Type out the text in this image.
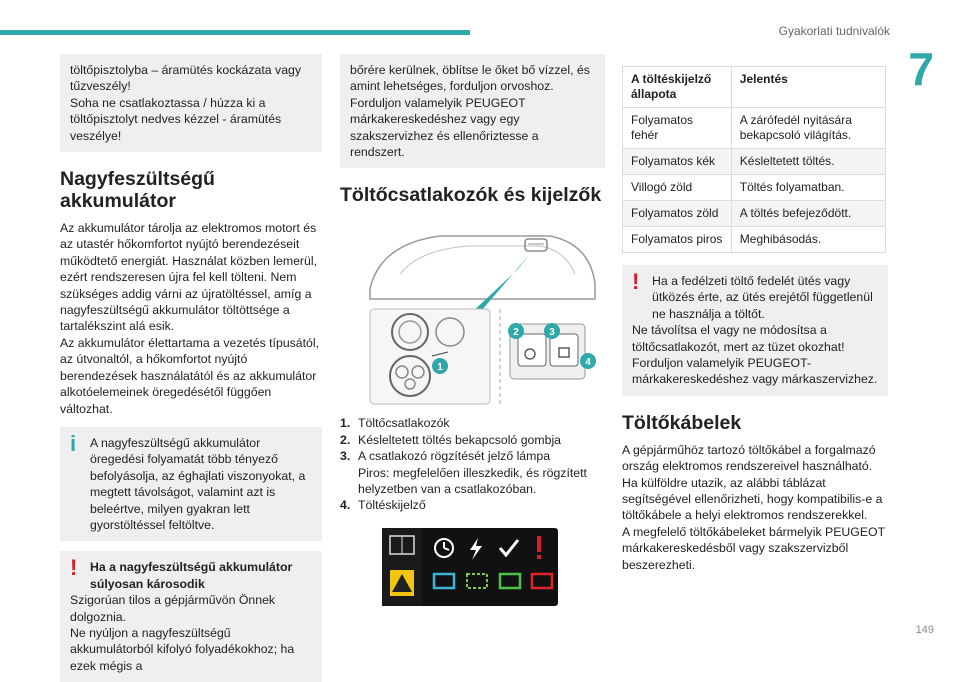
Gyakorlati tudnivalók
7

töltőpisztolyba – áramütés kockázata vagy tűzveszély!

Soha ne csatlakoztassa / húzza ki a töltőpisztolyt nedves kézzel - áramütés veszélye!

Nagyfeszültségű akkumulátor

Az akkumulátor tárolja az elektromos motort és az utastér hőkomfortot nyújtó berendezéseit működtető energiát. Használat közben lemerül, ezért rendszeresen újra fel kell tölteni. Nem szükséges addig várni az újratöltéssel, amíg a nagyfeszültségű akkumulátor töltöttsége a tartalékszint alá esik.

Az akkumulátor élettartama a vezetés típusától, az útvonaltól, a hőkomfortot nyújtó berendezések használatától és az akkumulátor alkotóelemeinek öregedésétől függően változhat.

i A nagyfeszültségű akkumulátor öregedési folyamatát több tényező befolyásolja, az éghajlati viszonyokat, a megtett távolságot, valamint azt is beleértve, milyen gyakran lett gyorstöltéssel feltöltve.

! Ha a nagyfeszültségű akkumulátor súlyosan károsodik

Szigorúan tilos a gépjárművön Önnek dolgoznia.

Ne nyúljon a nagyfeszültségű akkumulátorból kifolyó folyadékokhoz; ha ezek mégis a

bőrére kerülnek, öblítse le őket bő vízzel, és amint lehetséges, forduljon orvoshoz.

Forduljon valamelyik PEUGEOT márkakereskedéshez vagy egy szakszervizhez és ellenőriztesse a rendszert.

Töltőcsatlakozók és kijelzők
1
2	3
4
1. Töltőcsatlakozók
2. Késleltetett töltés bekapcsoló gombja
3. A csatlakozó rögzítését jelző lámpa
Piros: megfelelően illeszkedik, és rögzített helyzetben van a csatlakozóban.
4. Töltéskijelző
A töltéskijelző állapota	Jelentés
Folyamatos fehér	A zárófedél nyitására bekapcsoló világítás.
Folyamatos kék	Késleltetett töltés.
Villogó zöld	Töltés folyamatban.
Folyamatos zöld	A töltés befejeződött.
Folyamatos piros	Meghibásodás.
! Ha a fedélzeti töltő fedelét ütés vagy ütközés érte, az ütés erejétől függetlenül ne használja a töltőt.

Ne távolítsa el vagy ne módosítsa a töltőcsatlakozót, mert az tüzet okozhat!

Forduljon valamelyik PEUGEOT-márkakereskedéshez vagy márkaszervizhez.

Töltőkábelek

A gépjárműhöz tartozó töltőkábel a forgalmazó ország elektromos rendszereivel használható.

Ha külföldre utazik, az alábbi táblázat segítségével ellenőrizheti, hogy kompatibilis-e a töltőkábele a helyi elektromos rendszerekkel.

A megfelelő töltőkábeleket bármelyik PEUGEOT márkakereskedésből vagy szakszervizből beszerezheti.

149
